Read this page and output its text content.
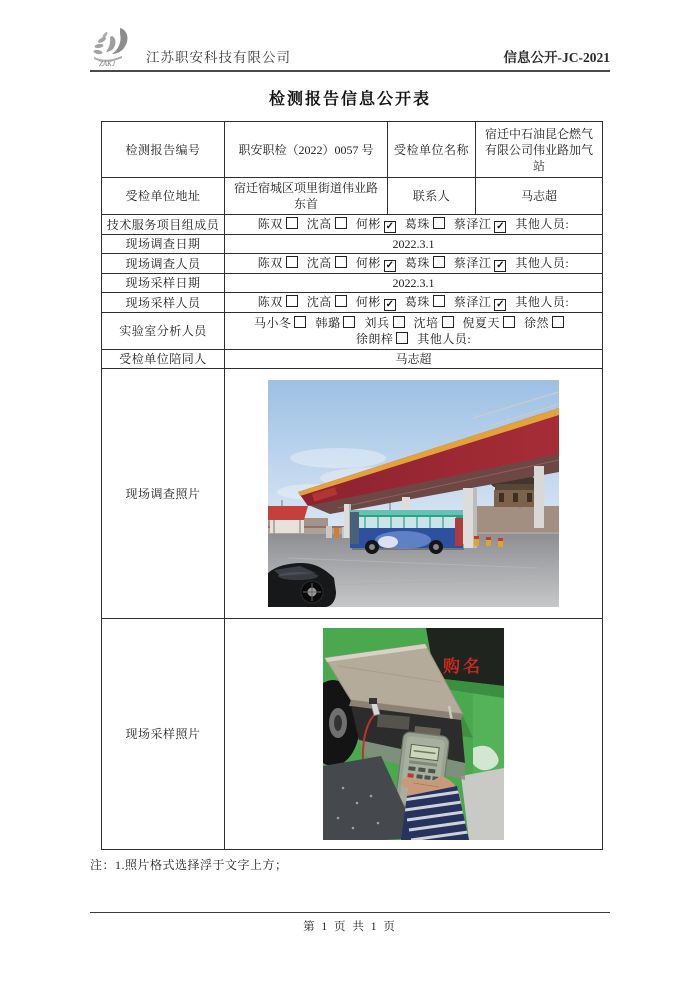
ZAKJ 江苏职安科技有限公司	信息公开-JC-2021
检测报告信息公开表
检测报告编号	职安职检（2022）0057 号	受检单位名称	宿迁中石油昆仑燃气有限公司伟业路加气站
受检单位地址	宿迁宿城区项里街道伟业路东首	联系人	马志超
技术服务项目组成员	陈双 沈高 何彬 ✓ 葛珠 蔡泽江 ✓ 其他人员:		
现场调查日期	2022.3.1		
现场调查人员	陈双 沈高 何彬 ✓ 葛珠 蔡泽江 ✓ 其他人员:		
现场采样日期	2022.3.1		
现场采样人员	陈双 沈高 何彬 ✓ 葛珠 蔡泽江 ✓ 其他人员:		
实验室分析人员	马小冬 韩璐 刘兵 沈培 倪夏天 徐然徐朗梓 其他人员:		
受检单位陪同人	马志超		
现场调查照片	

现场采样照片	购名		
注：1.照片格式选择浮于文字上方；
第 1 页 共 1 页
